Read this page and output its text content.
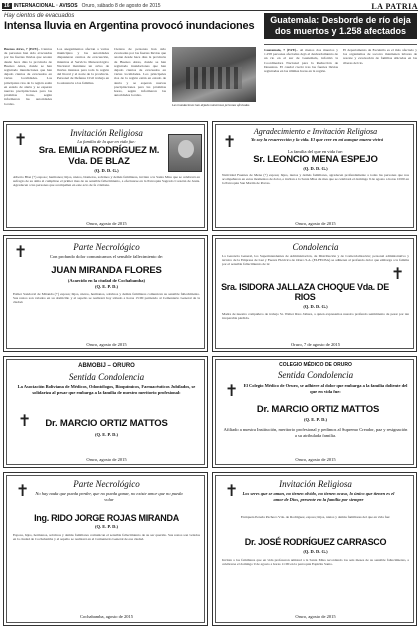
16 INTERNACIONAL · AVISOS Oruro, sábado 8 de agosto de 2015	LA PATRIA
Hay cientos de evacuados
Intensa lluvia en Argentina provocó inundaciones
Buenos Aires, 7 (EFE).- Cientos de personas han sido evacuadas por las fuertes lluvias que azotan desde hace días la provincia de Buenos Aires, donde se han registrado inundaciones que han dejado cientos de evacuados en varias localidades. Los principales ríos de la región están en estado de alerta y se esperan nuevas precipitaciones para las próximas horas, según informaron las autoridades locales.
Los anegamientos afectan a varios municipios y las autoridades dispusieron centros de evacuación, mientras el Servicio Meteorológico Nacional mantiene un aviso de lluvias intensas para toda la región del litoral y el norte de la provincia. Personal de Defensa Civil trabaja en la asistencia a las familias.
Cientos de personas han sido evacuadas por las fuertes lluvias que azotan desde hace días la provincia de Buenos Aires, donde se han registrado inundaciones que han dejado cientos de evacuados en varias localidades. Los principales ríos de la región están en estado de alerta y se esperan nuevas precipitaciones para las próximas horas, según informaron las autoridades locales.
Las inundaciones han dejado numerosas personas afectadas.
Guatemala: Desborde de río deja dos muertos y 1.258 afectados
Guatemala, 7 (EFE).- Al menos dos muertos y 1.258 personas afectadas dejó el desbordamiento de un río en el sur de Guatemala, informó la Coordinadora Nacional para la Reducción de Desastres. El caudal creció tras las fuertes lluvias registradas en las últimas horas en la región.
El departamento de Escuintla es el más afectado y los organismos de socorro mantienen labores de rescate y evacuación de familias ubicadas en las riberas del río.
✝	Invitación Religiosa
La familia de la que en vida fue:
Sra. EMILIA RODRÍGUEZ M. Vda. DE BLAZ
(Q. D. D. G.)
Alberto Blaz (+) esposo; hermanos; hijos, nietos, bisnietos, sobrinos y demás familiares, invitan a la Santa Misa que se celebrará en sufragio de su alma al cumplirse el primer mes de su sensible fallecimiento, a efectuarse en la Parroquia Sagrado Corazón de Jesús. Agradecen a las personas que acompañen en este acto de fe cristiana.
Oruro, agosto de 2015
✝
Agradecimiento e Invitación Religiosa
Yo soy la resurrección y la vida. El que cree en mí aunque muera vivirá
La familia del que en vida fue:
Sr. LEONCIO MENA ESPEJO
(Q. D. D. G.)
Natividad Fuentes de Mena (+) esposa; hijos, nietos y demás familiares, agradecen profundamente a todas las personas que nos acompañaron en estos momentos de dolor, e invitan a la Santa Misa de mes que se celebrará el domingo 9 de agosto a horas 10:00 en la Parroquia San Martín de Porres.
Oruro, agosto de 2015
✝	Parte Necrológico
Con profundo dolor comunicamos el sensible fallecimiento de:
JUAN MIRANDA FLORES
(Acaecido en la ciudad de Cochabamba)
(Q. E. P. D.)
Esther Sandoval de Miranda (+) esposa; hijos, nietos, hermanos, sobrinos y demás familiares comunican su sensible fallecimiento. Sus restos son velados en su domicilio y el sepelio se realizará hoy sábado a horas 15:00 partiendo al Cementerio General de la ciudad.
Oruro, agosto de 2015
✝
Condolencia
La Gerencia General, los Superintendentes de Administración, de Distribución y de Comercialización; personal administrativo y técnico de la Empresa de Luz y Fuerza Eléctrica de Oruro S.A. (ELFEOSA) se adhieren al profundo dolor que embarga a la familia por el sensible fallecimiento de la:
Sra. ISIDORA JALLAZA CHOQUE Vda. DE RIOS
(Q. D. D. G.)
Madre de nuestro compañero de trabajo Sr. Walter Ríos Jallaza, a quien expresamos nuestro profundo sentimiento de pesar por tan irreparable pérdida.
Oruro, 7 de agosto de 2015
ABMOBIJ – ORURO
Sentida Condolencia
La Asociación Boliviana de Médicos, Odontólogos, Bioquímicos, Farmacéuticos Jubilados, se solidariza al pesar que embarga a la familia de nuestro meritorio profesional:
✝	Dr. MARCIO ORTIZ MATTOS
(Q. E. P. D.)
Oruro, agosto de 2015
COLEGIO MÉDICO DE ORURO
Sentida Condolencia
✝ El Colegio Médico de Oruro, se adhiere al dolor que embarga a la familia doliente del que en vida fue:
Dr. MARCIO ORTIZ MATTOS
(Q. E. P. D.)
Afiliado a nuestra Institución, meritorio profesional y pedimos al Supremo Creador, paz y resignación a su atribulada familia.
Oruro, agosto de 2015
✝	Parte Necrológico
No hay nada que pueda perder, que no pueda ganar, no existe amor que no pueda volar
Ing. RIDO JORGE ROJAS MIRANDA
(Q. E. P. D.)
Esposa, hijos, hermanos, sobrinos y demás familiares comunican el sensible fallecimiento de su ser querido. Sus restos son velados en la ciudad de Cochabamba y el sepelio se realizará en el Cementerio General de esa ciudad.
Cochabamba, agosto de 2015
✝	Invitación Religiosa
Los seres que se aman, no tienen olvido, no tienen ocaso, lo único que tienen es el amor de Dios, presente en la familia por siempre
Enriqueta Pereda Pacheco Vda. de Rodríguez, esposa; hijos, nietos y demás familiares del que en vida fue:
Dr. JOSÉ RODRÍGUEZ CARRASCO
(Q. D. D. G.)
Invitan a los familiares que en vida profesaron amistad a la Santa Misa recordando los seis meses de su sensible fallecimiento, a celebrarse el domingo 9 de agosto a horas 11:00 en la parroquia Espíritu Santo.
Oruro, agosto de 2015
